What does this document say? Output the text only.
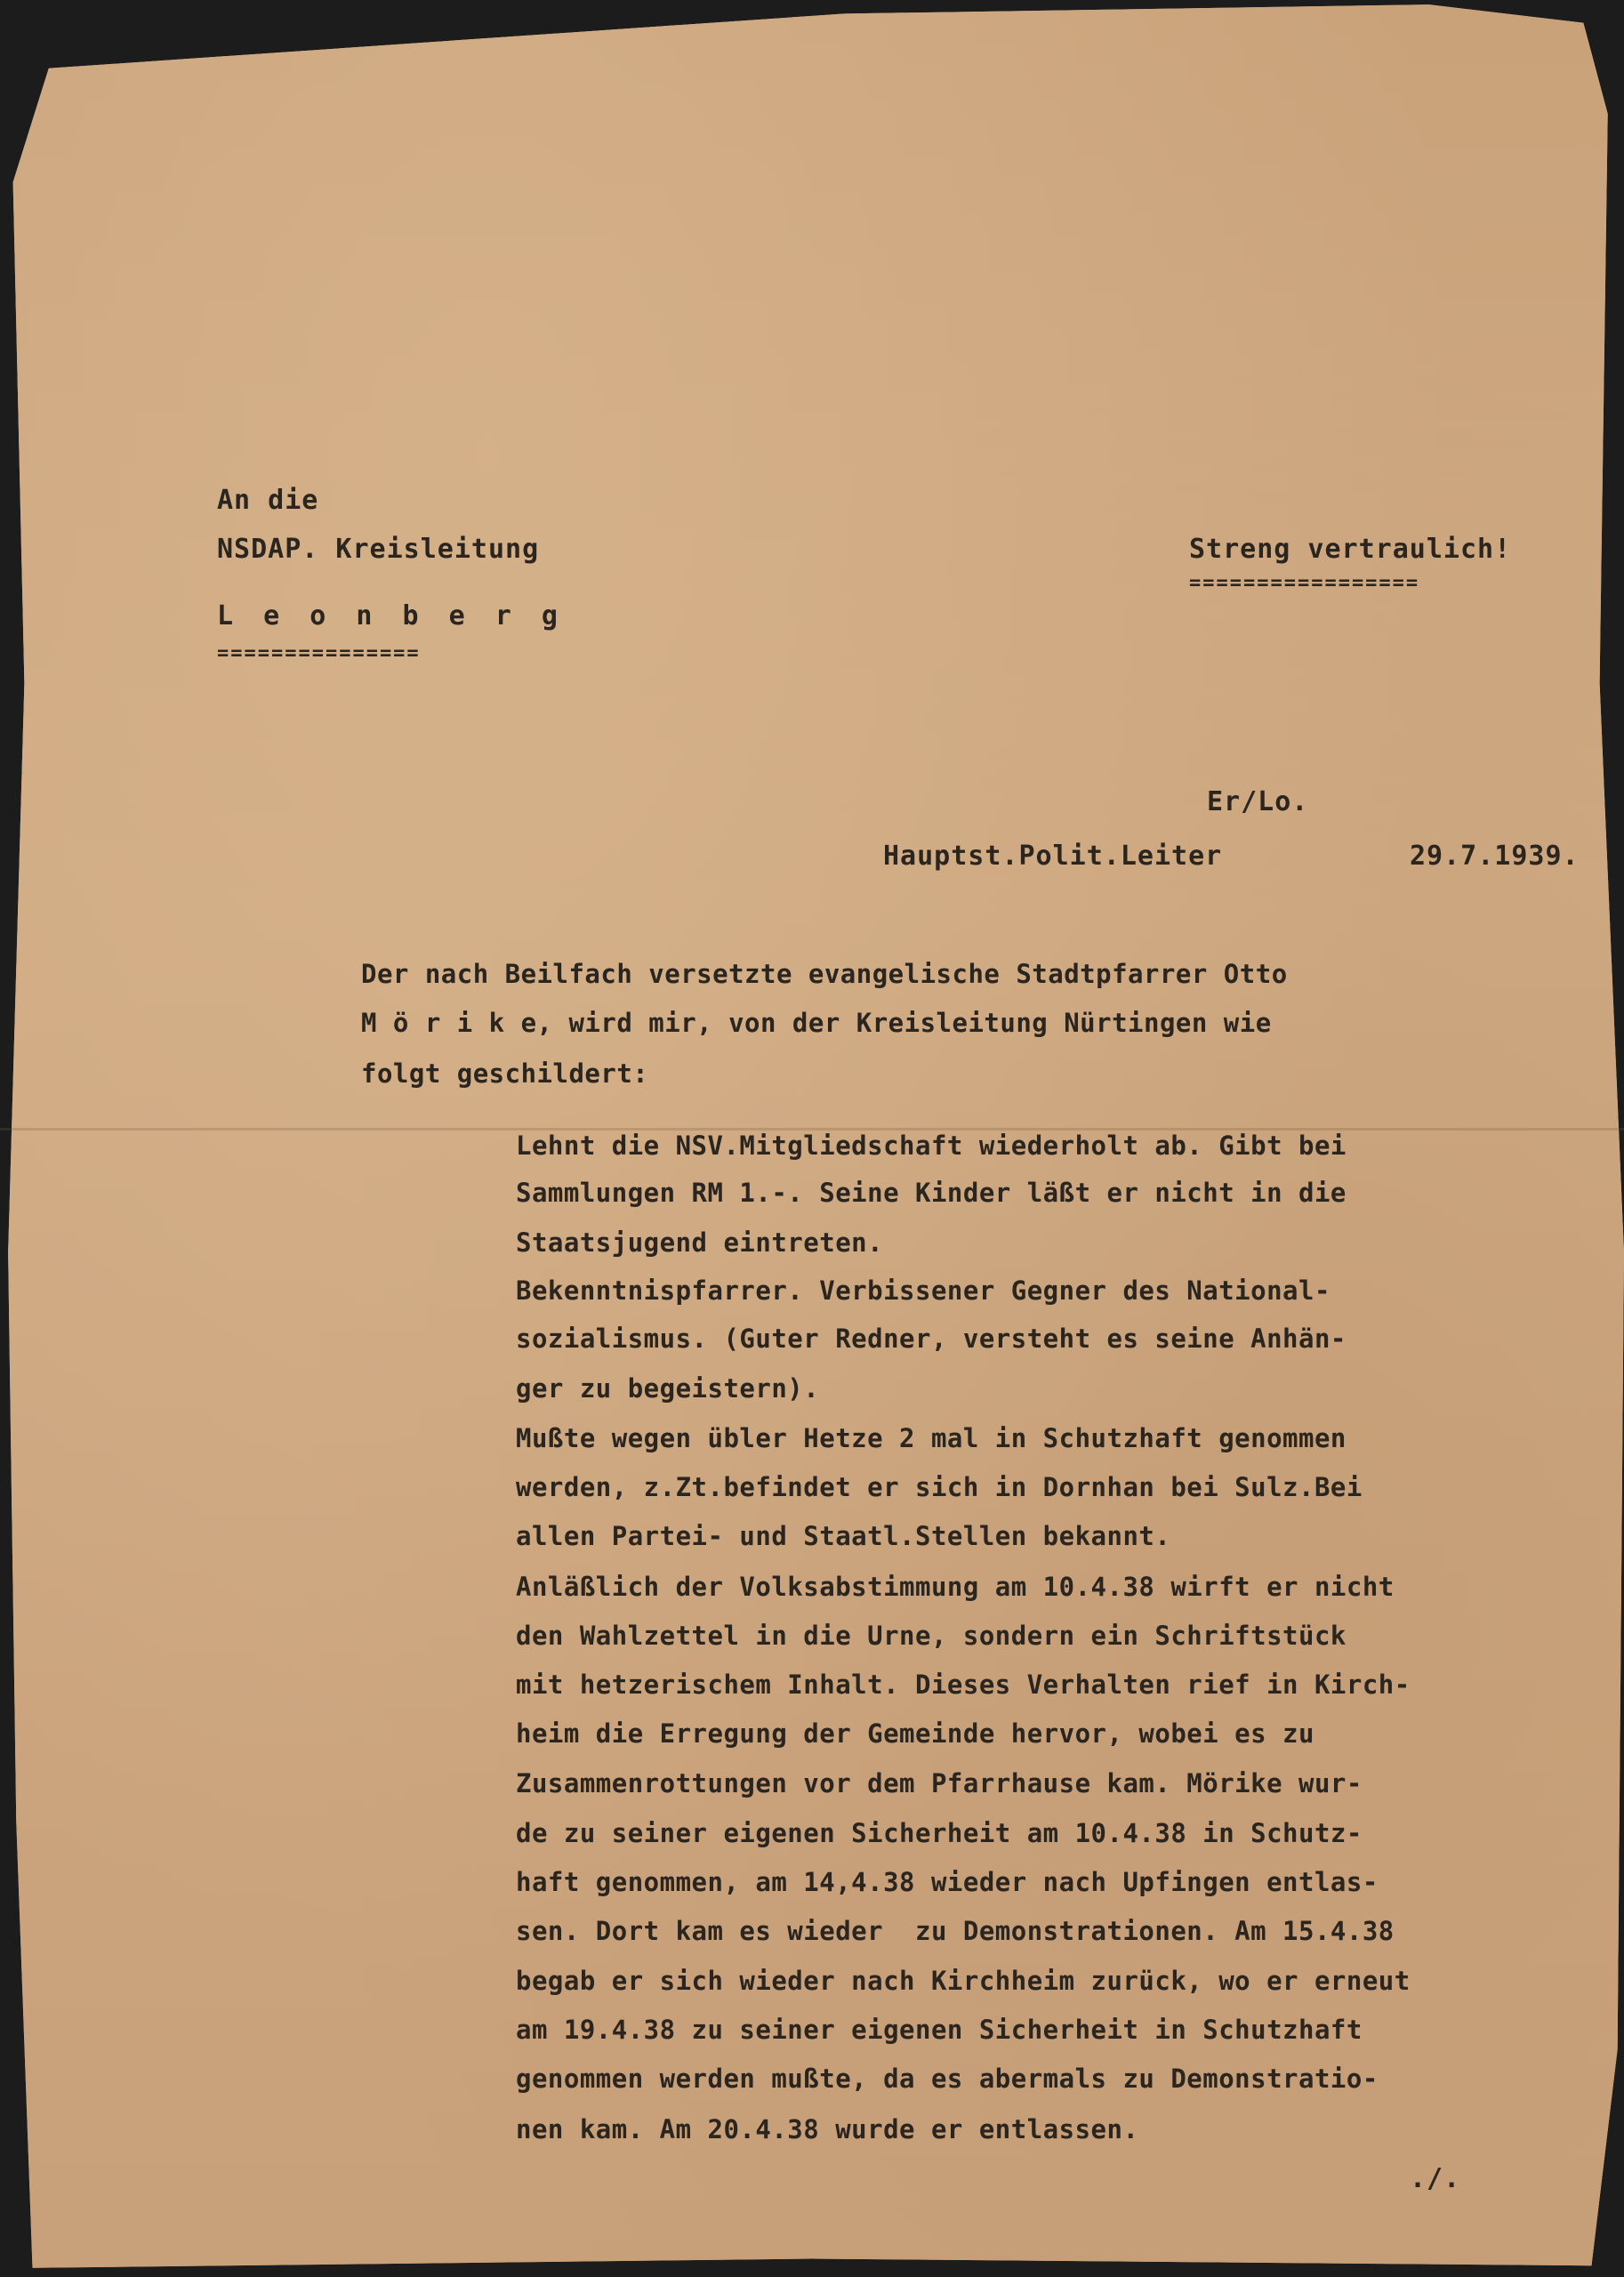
An die
NSDAP. Kreisleitung
L e o n b e r g
===============
Streng vertraulich!
=================
Er/Lo.
Hauptst.Polit.Leiter	29.7.1939.
Der nach Beilfach versetzte evangelische Stadtpfarrer Otto
M ö r i k e, wird mir, von der Kreisleitung Nürtingen wie
folgt geschildert:
Lehnt die NSV.Mitgliedschaft wiederholt ab. Gibt bei
Sammlungen RM 1.-. Seine Kinder läßt er nicht in die
Staatsjugend eintreten.
Bekenntnispfarrer. Verbissener Gegner des National-
sozialismus. (Guter Redner, versteht es seine Anhän-
ger zu begeistern).
Mußte wegen übler Hetze 2 mal in Schutzhaft genommen
werden, z.Zt.befindet er sich in Dornhan bei Sulz.Bei
allen Partei- und Staatl.Stellen bekannt.
Anläßlich der Volksabstimmung am 10.4.38 wirft er nicht
den Wahlzettel in die Urne, sondern ein Schriftstück
mit hetzerischem Inhalt. Dieses Verhalten rief in Kirch-
heim die Erregung der Gemeinde hervor, wobei es zu
Zusammenrottungen vor dem Pfarrhause kam. Mörike wur-
de zu seiner eigenen Sicherheit am 10.4.38 in Schutz-
haft genommen, am 14,4.38 wieder nach Upfingen entlas-
sen. Dort kam es wieder  zu Demonstrationen. Am 15.4.38
begab er sich wieder nach Kirchheim zurück, wo er erneut
am 19.4.38 zu seiner eigenen Sicherheit in Schutzhaft
genommen werden mußte, da es abermals zu Demonstratio-
nen kam. Am 20.4.38 wurde er entlassen.
./.
